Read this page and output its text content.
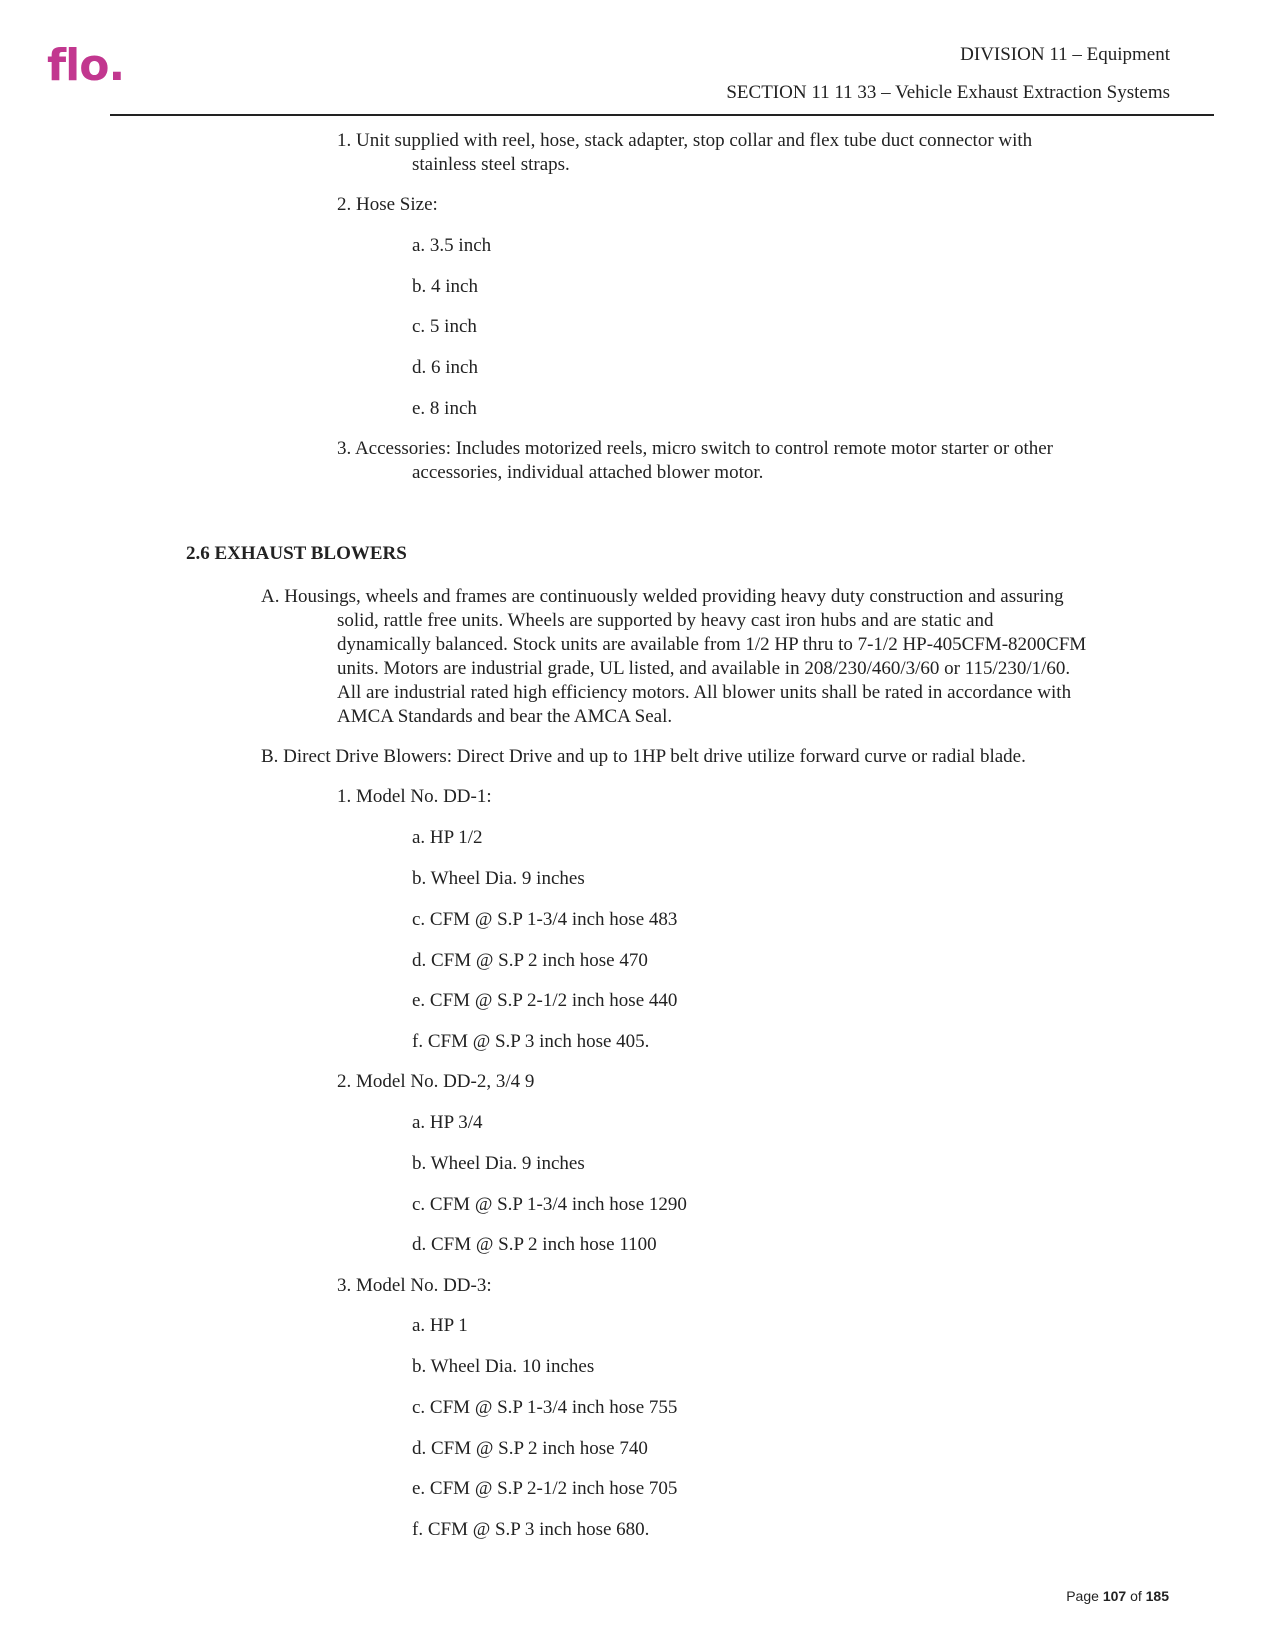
flo.	DIVISION 11 – Equipment
SECTION 11 11 33 – Vehicle Exhaust Extraction Systems
1. Unit supplied with reel, hose, stack adapter, stop collar and flex tube duct connector with
stainless steel straps.
2. Hose Size:
a. 3.5 inch
b. 4 inch
c. 5 inch
d. 6 inch
e. 8 inch
3. Accessories: Includes motorized reels, micro switch to control remote motor starter or other
accessories, individual attached blower motor.
2.6 EXHAUST BLOWERS
A. Housings, wheels and frames are continuously welded providing heavy duty construction and assuring
solid, rattle free units. Wheels are supported by heavy cast iron hubs and are static and
dynamically balanced. Stock units are available from 1/2 HP thru to 7-1/2 HP-405CFM-8200CFM
units. Motors are industrial grade, UL listed, and available in 208/230/460/3/60 or 115/230/1/60.
All are industrial rated high efficiency motors. All blower units shall be rated in accordance with
AMCA Standards and bear the AMCA Seal.
B. Direct Drive Blowers: Direct Drive and up to 1HP belt drive utilize forward curve or radial blade.
1. Model No. DD-1:
a. HP 1/2
b. Wheel Dia. 9 inches
c. CFM @ S.P 1-3/4 inch hose 483
d. CFM @ S.P 2 inch hose 470
e. CFM @ S.P 2-1/2 inch hose 440
f. CFM @ S.P 3 inch hose 405.
2. Model No. DD-2, 3/4 9
a. HP 3/4
b. Wheel Dia. 9 inches
c. CFM @ S.P 1-3/4 inch hose 1290
d. CFM @ S.P 2 inch hose 1100
3. Model No. DD-3:
a. HP 1
b. Wheel Dia. 10 inches
c. CFM @ S.P 1-3/4 inch hose 755
d. CFM @ S.P 2 inch hose 740
e. CFM @ S.P 2-1/2 inch hose 705
f. CFM @ S.P 3 inch hose 680.
Page 107 of 185
